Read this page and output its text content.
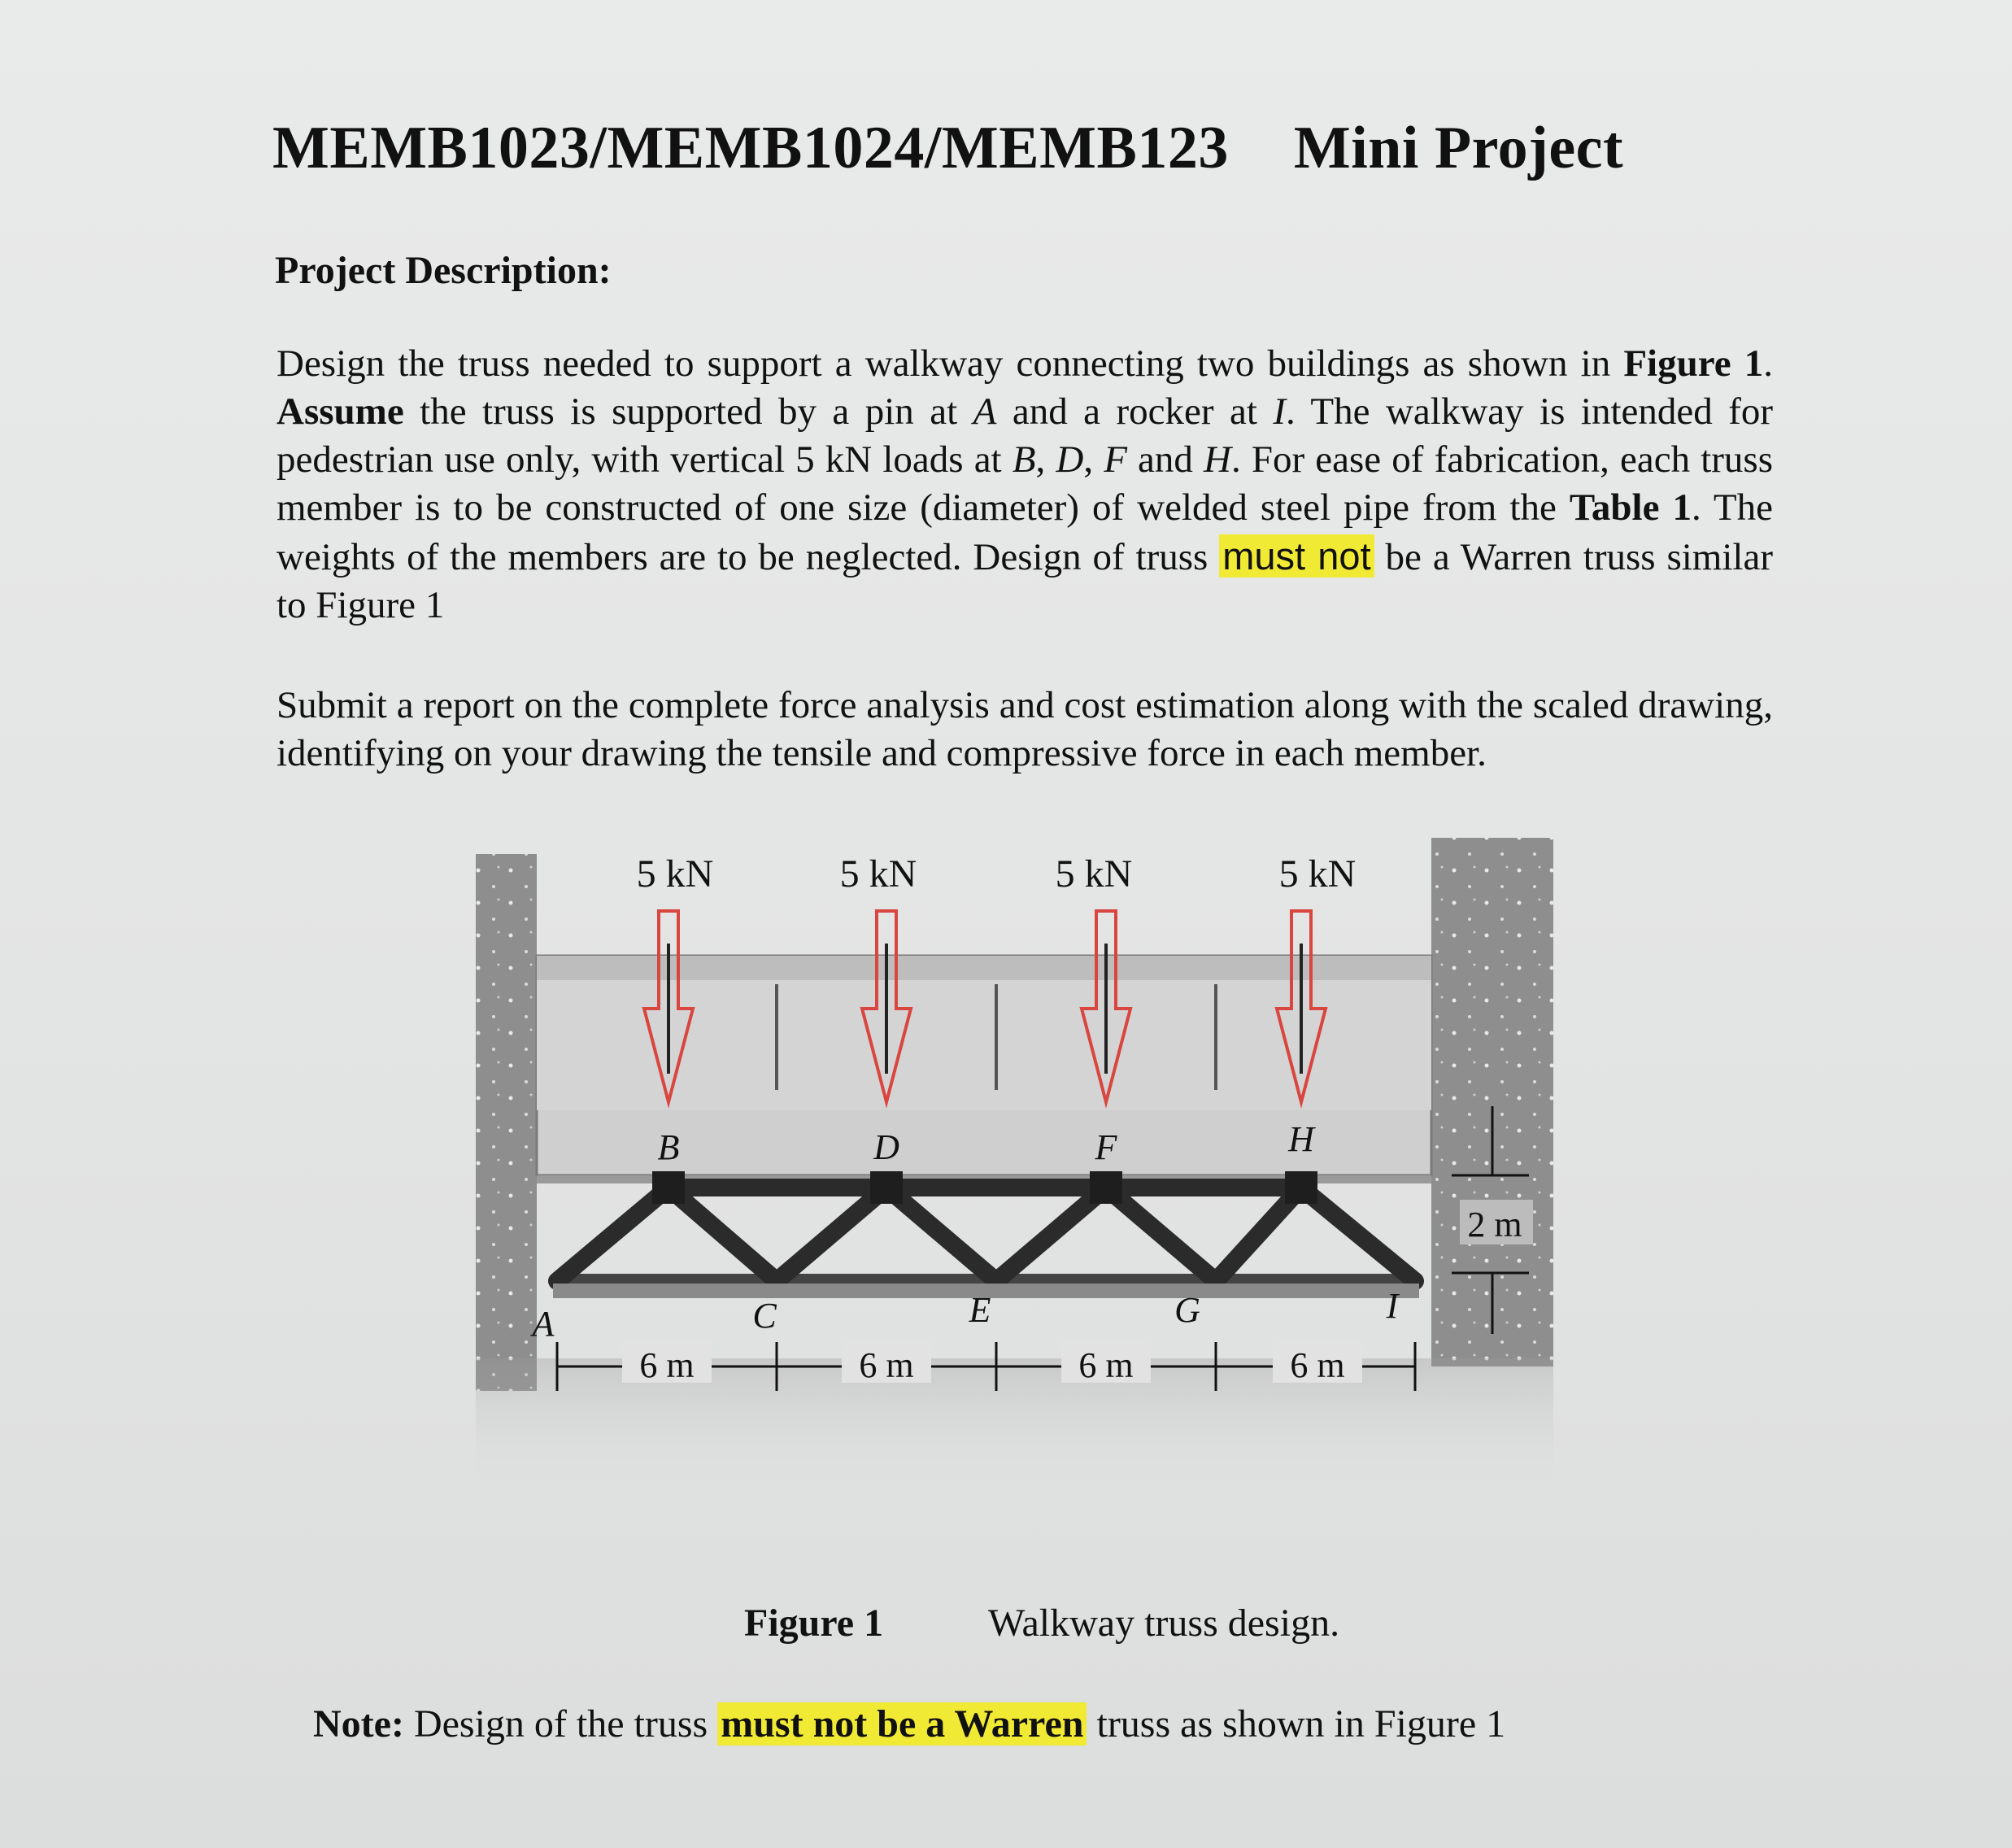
MEMB1023/MEMB1024/MEMB123 Mini Project
Project Description:
Design the truss needed to support a walkway connecting two buildings as shown in Figure 1. Assume the truss is supported by a pin at A and a rocker at I. The walkway is intended for pedestrian use only, with vertical 5 kN loads at B, D, F and H. For ease of fabrication, each truss member is to be constructed of one size (diameter) of welded steel pipe from the Table 1. The weights of the members are to be neglected. Design of truss must not be a Warren truss similar to Figure 1
Submit a report on the complete force analysis and cost estimation along with the scaled drawing, identifying on your drawing the tensile and compressive force in each member.
5 kN	5 kN	5 kN	5 kN
B	D	F	H
A	C	E	G	I
6 m	6 m	6 m	6 m
2 m
Figure 1	Walkway truss design.
Note: Design of the truss must not be a Warren truss as shown in Figure 1
